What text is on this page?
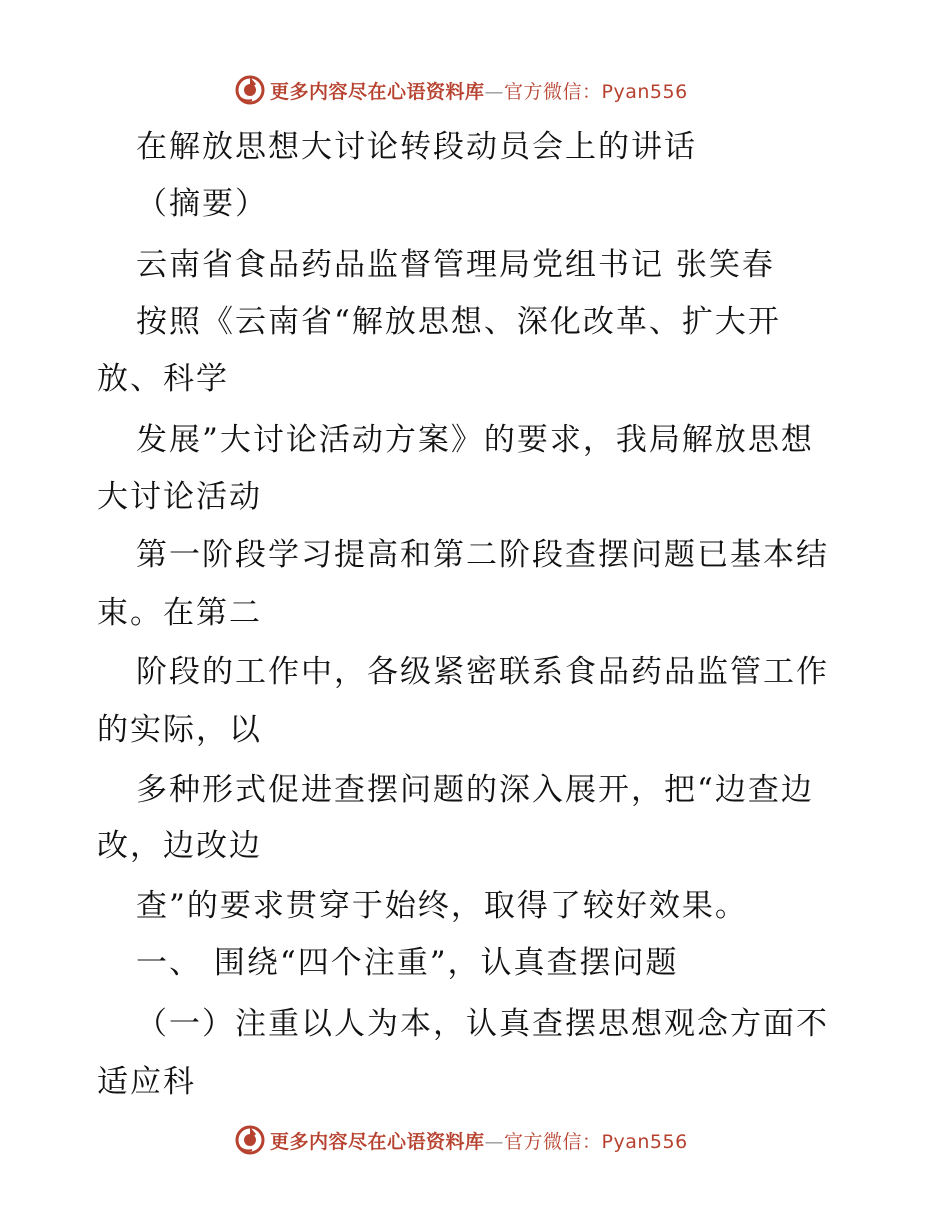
更多内容尽在心语资料库—官方微信：Pyan556
在解放思想大讨论转段动员会上的讲话
（摘要）
云南省食品药品监督管理局党组书记 张笑春
按照《云南省“解放思想、深化改革、扩大开
放、科学
发展”大讨论活动方案》的要求，我局解放思想
大讨论活动
第一阶段学习提高和第二阶段查摆问题已基本结
束。在第二
阶段的工作中，各级紧密联系食品药品监管工作
的实际，以
多种形式促进查摆问题的深入展开，把“边查边
改，边改边
查”的要求贯穿于始终，取得了较好效果。
一、 围绕“四个注重”，认真查摆问题
（一）注重以人为本，认真查摆思想观念方面不
适应科
更多内容尽在心语资料库—官方微信：Pyan556
